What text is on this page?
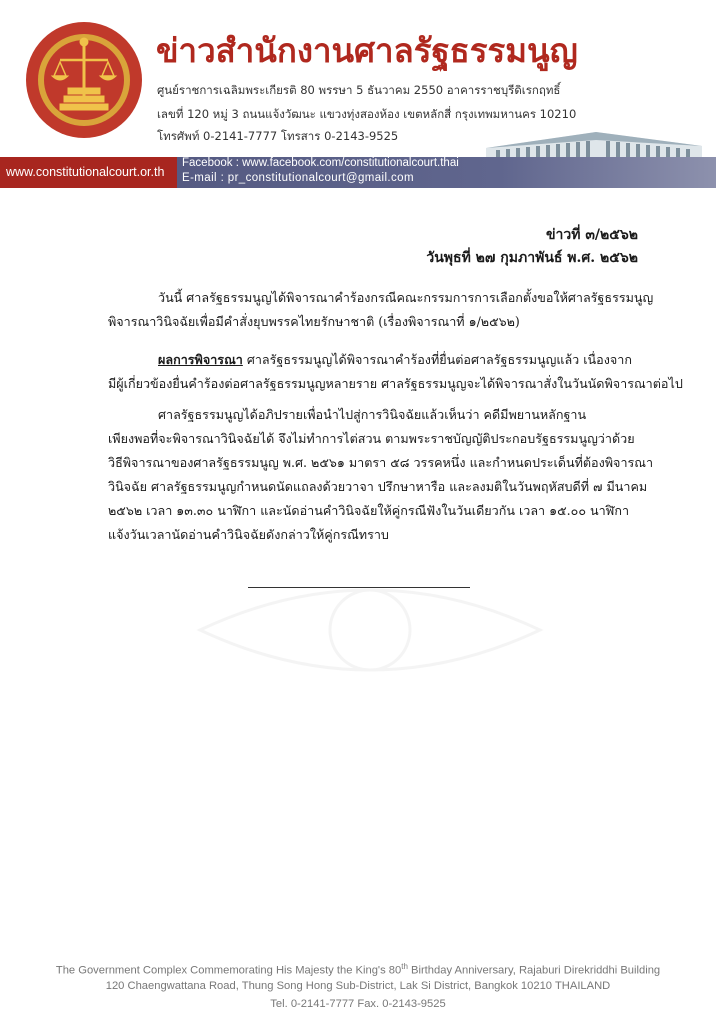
ข่าวสำนักงานศาลรัฐธรรมนูญ
ศูนย์ราชการเฉลิมพระเกียรติ 80 พรรษา 5 ธันวาคม 2550 อาคารราชบุรีดิเรกฤทธิ์
เลขที่ 120 หมู่ 3 ถนนแจ้งวัฒนะ แขวงทุ่งสองห้อง เขตหลักสี่ กรุงเทพมหานคร 10210
โทรศัพท์ 0-2141-7777 โทรสาร 0-2143-9525
www.constitutionalcourt.or.th
Facebook : www.facebook.com/constitutionalcourt.thai
E-mail : pr_constitutionalcourt@gmail.com
ข่าวที่ ๓/๒๕๖๒
วันพุธที่ ๒๗ กุมภาพันธ์ พ.ศ. ๒๕๖๒
วันนี้ ศาลรัฐธรรมนูญได้พิจารณาคำร้องกรณีคณะกรรมการการเลือกตั้งขอให้ศาลรัฐธรรมนูญ
พิจารณาวินิจฉัยเพื่อมีคำสั่งยุบพรรคไทยรักษาชาติ (เรื่องพิจารณาที่ ๑/๒๕๖๒)
ผลการพิจารณา ศาลรัฐธรรมนูญได้พิจารณาคำร้องที่ยื่นต่อศาลรัฐธรรมนูญแล้ว เนื่องจาก
มีผู้เกี่ยวข้องยื่นคำร้องต่อศาลรัฐธรรมนูญหลายราย ศาลรัฐธรรมนูญจะได้พิจารณาสั่งในวันนัดพิจารณาต่อไป
ศาลรัฐธรรมนูญได้อภิปรายเพื่อนำไปสู่การวินิจฉัยแล้วเห็นว่า คดีมีพยานหลักฐาน
เพียงพอที่จะพิจารณาวินิจฉัยได้ จึงไม่ทำการไต่สวน ตามพระราชบัญญัติประกอบรัฐธรรมนูญว่าด้วย
วิธีพิจารณาของศาลรัฐธรรมนูญ พ.ศ. ๒๕๖๑ มาตรา ๕๘ วรรคหนึ่ง และกำหนดประเด็นที่ต้องพิจารณา
วินิจฉัย ศาลรัฐธรรมนูญกำหนดนัดแถลงด้วยวาจา ปรึกษาหารือ และลงมติในวันพฤหัสบดีที่ ๗ มีนาคม
๒๕๖๒ เวลา ๑๓.๓๐ นาฬิกา และนัดอ่านคำวินิจฉัยให้คู่กรณีฟังในวันเดียวกัน เวลา ๑๕.๐๐ นาฬิกา
แจ้งวันเวลานัดอ่านคำวินิจฉัยดังกล่าวให้คู่กรณีทราบ
The Government Complex Commemorating His Majesty the King's 80th Birthday Anniversary, Rajaburi Direkriddhi Building
120 Chaengwattana Road, Thung Song Hong Sub-District, Lak Si District, Bangkok 10210 THAILAND
Tel. 0-2141-7777 Fax. 0-2143-9525
